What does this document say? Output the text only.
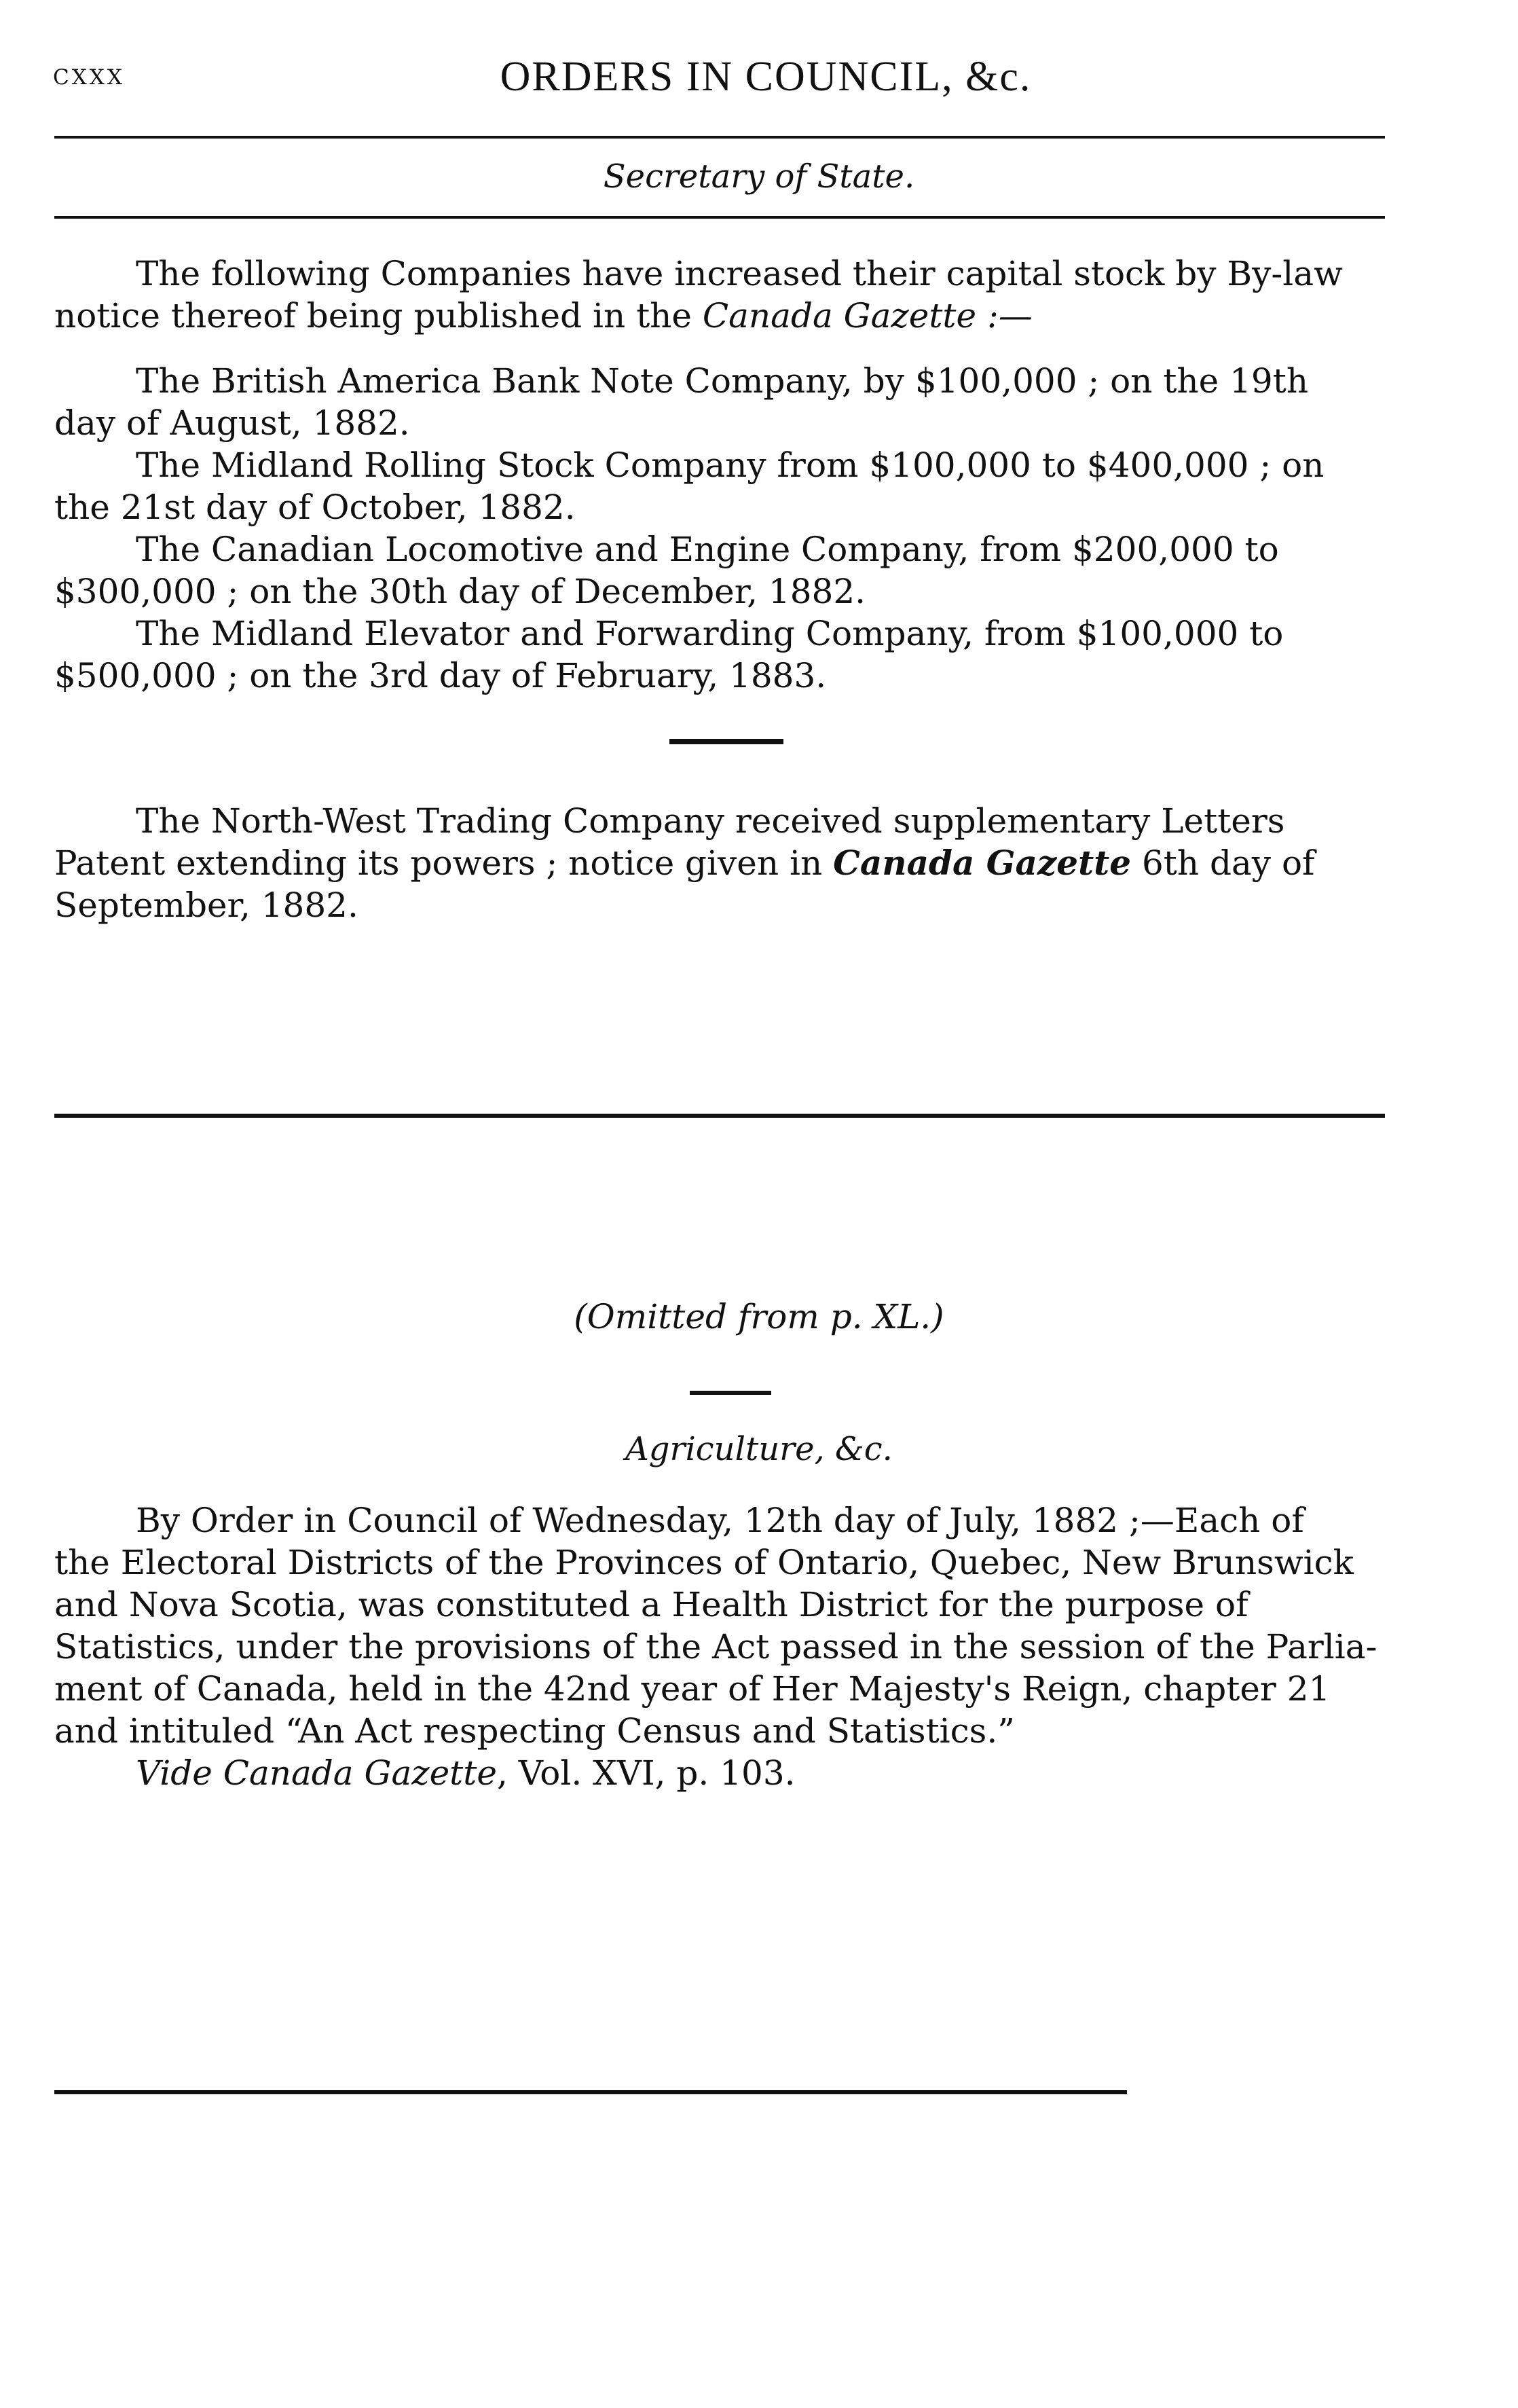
cxxx	ORDERS IN COUNCIL, &c.
Secretary of State.
The following Companies have increased their capital stock by By-law
notice thereof being published in the Canada Gazette :—
The British America Bank Note Company, by $100,000 ; on the 19th
day of August, 1882.
The Midland Rolling Stock Company from $100,000 to $400,000 ; on
the 21st day of October, 1882.
The Canadian Locomotive and Engine Company, from $200,000 to
$300,000 ; on the 30th day of December, 1882.
The Midland Elevator and Forwarding Company, from $100,000 to
$500,000 ; on the 3rd day of February, 1883.
The North-West Trading Company received supplementary Letters
Patent extending its powers ; notice given in Canada Gazette 6th day of
September, 1882.
(Omitted from p. XL.)
Agriculture, &c.
By Order in Council of Wednesday, 12th day of July, 1882 ;—Each of
the Electoral Districts of the Provinces of Ontario, Quebec, New Brunswick
and Nova Scotia, was constituted a Health District for the purpose of
Statistics, under the provisions of the Act passed in the session of the Parlia-
ment of Canada, held in the 42nd year of Her Majesty's Reign, chapter 21
and intituled “An Act respecting Census and Statistics.”
Vide Canada Gazette, Vol. XVI, p. 103.
